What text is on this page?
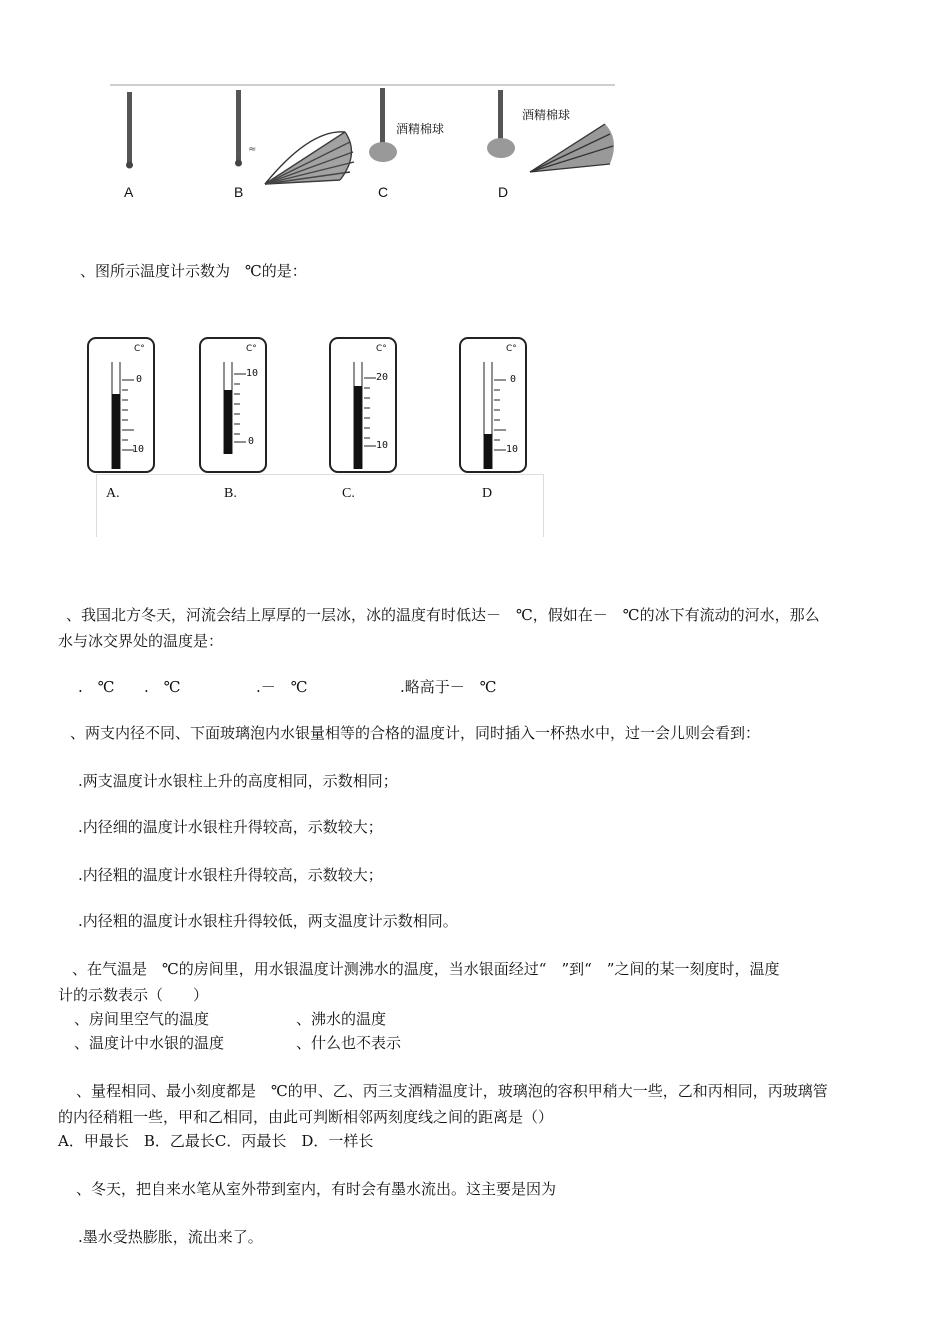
≈
酒精棉球
酒精棉球
A	B	C	D
、图所示温度计示数为　℃的是：
C°	C°	C°	C°
0
10
10
0
20
10
0
10
A.	B.	C.	D
、我国北方冬天，河流会结上厚厚的一层冰，冰的温度有时低达－　℃，假如在－　℃的冰下有流动的河水，那么
水与冰交界处的温度是：
.　℃ .　℃	.－　℃	.略高于－　℃
、两支内径不同、下面玻璃泡内水银量相等的合格的温度计，同时插入一杯热水中，过一会儿则会看到：
.两支温度计水银柱上升的高度相同，示数相同；
.内径细的温度计水银柱升得较高，示数较大；
.内径粗的温度计水银柱升得较高，示数较大；
.内径粗的温度计水银柱升得较低，两支温度计示数相同。
、在气温是　℃的房间里，用水银温度计测沸水的温度，当水银面经过“　”到“　”之间的某一刻度时，温度
计的示数表示（　　）
、房间里空气的温度	、沸水的温度
、温度计中水银的温度	、什么也不表示
、量程相同、最小刻度都是　℃的甲、乙、丙三支酒精温度计，玻璃泡的容积甲稍大一些，乙和丙相同，丙玻璃管
的内径稍粗一些，甲和乙相同，由此可判断相邻两刻度线之间的距离是（）
A．甲最长　B．乙最长C．丙最长　D．一样长
、冬天，把自来水笔从室外带到室内，有时会有墨水流出。这主要是因为
.墨水受热膨胀，流出来了。
